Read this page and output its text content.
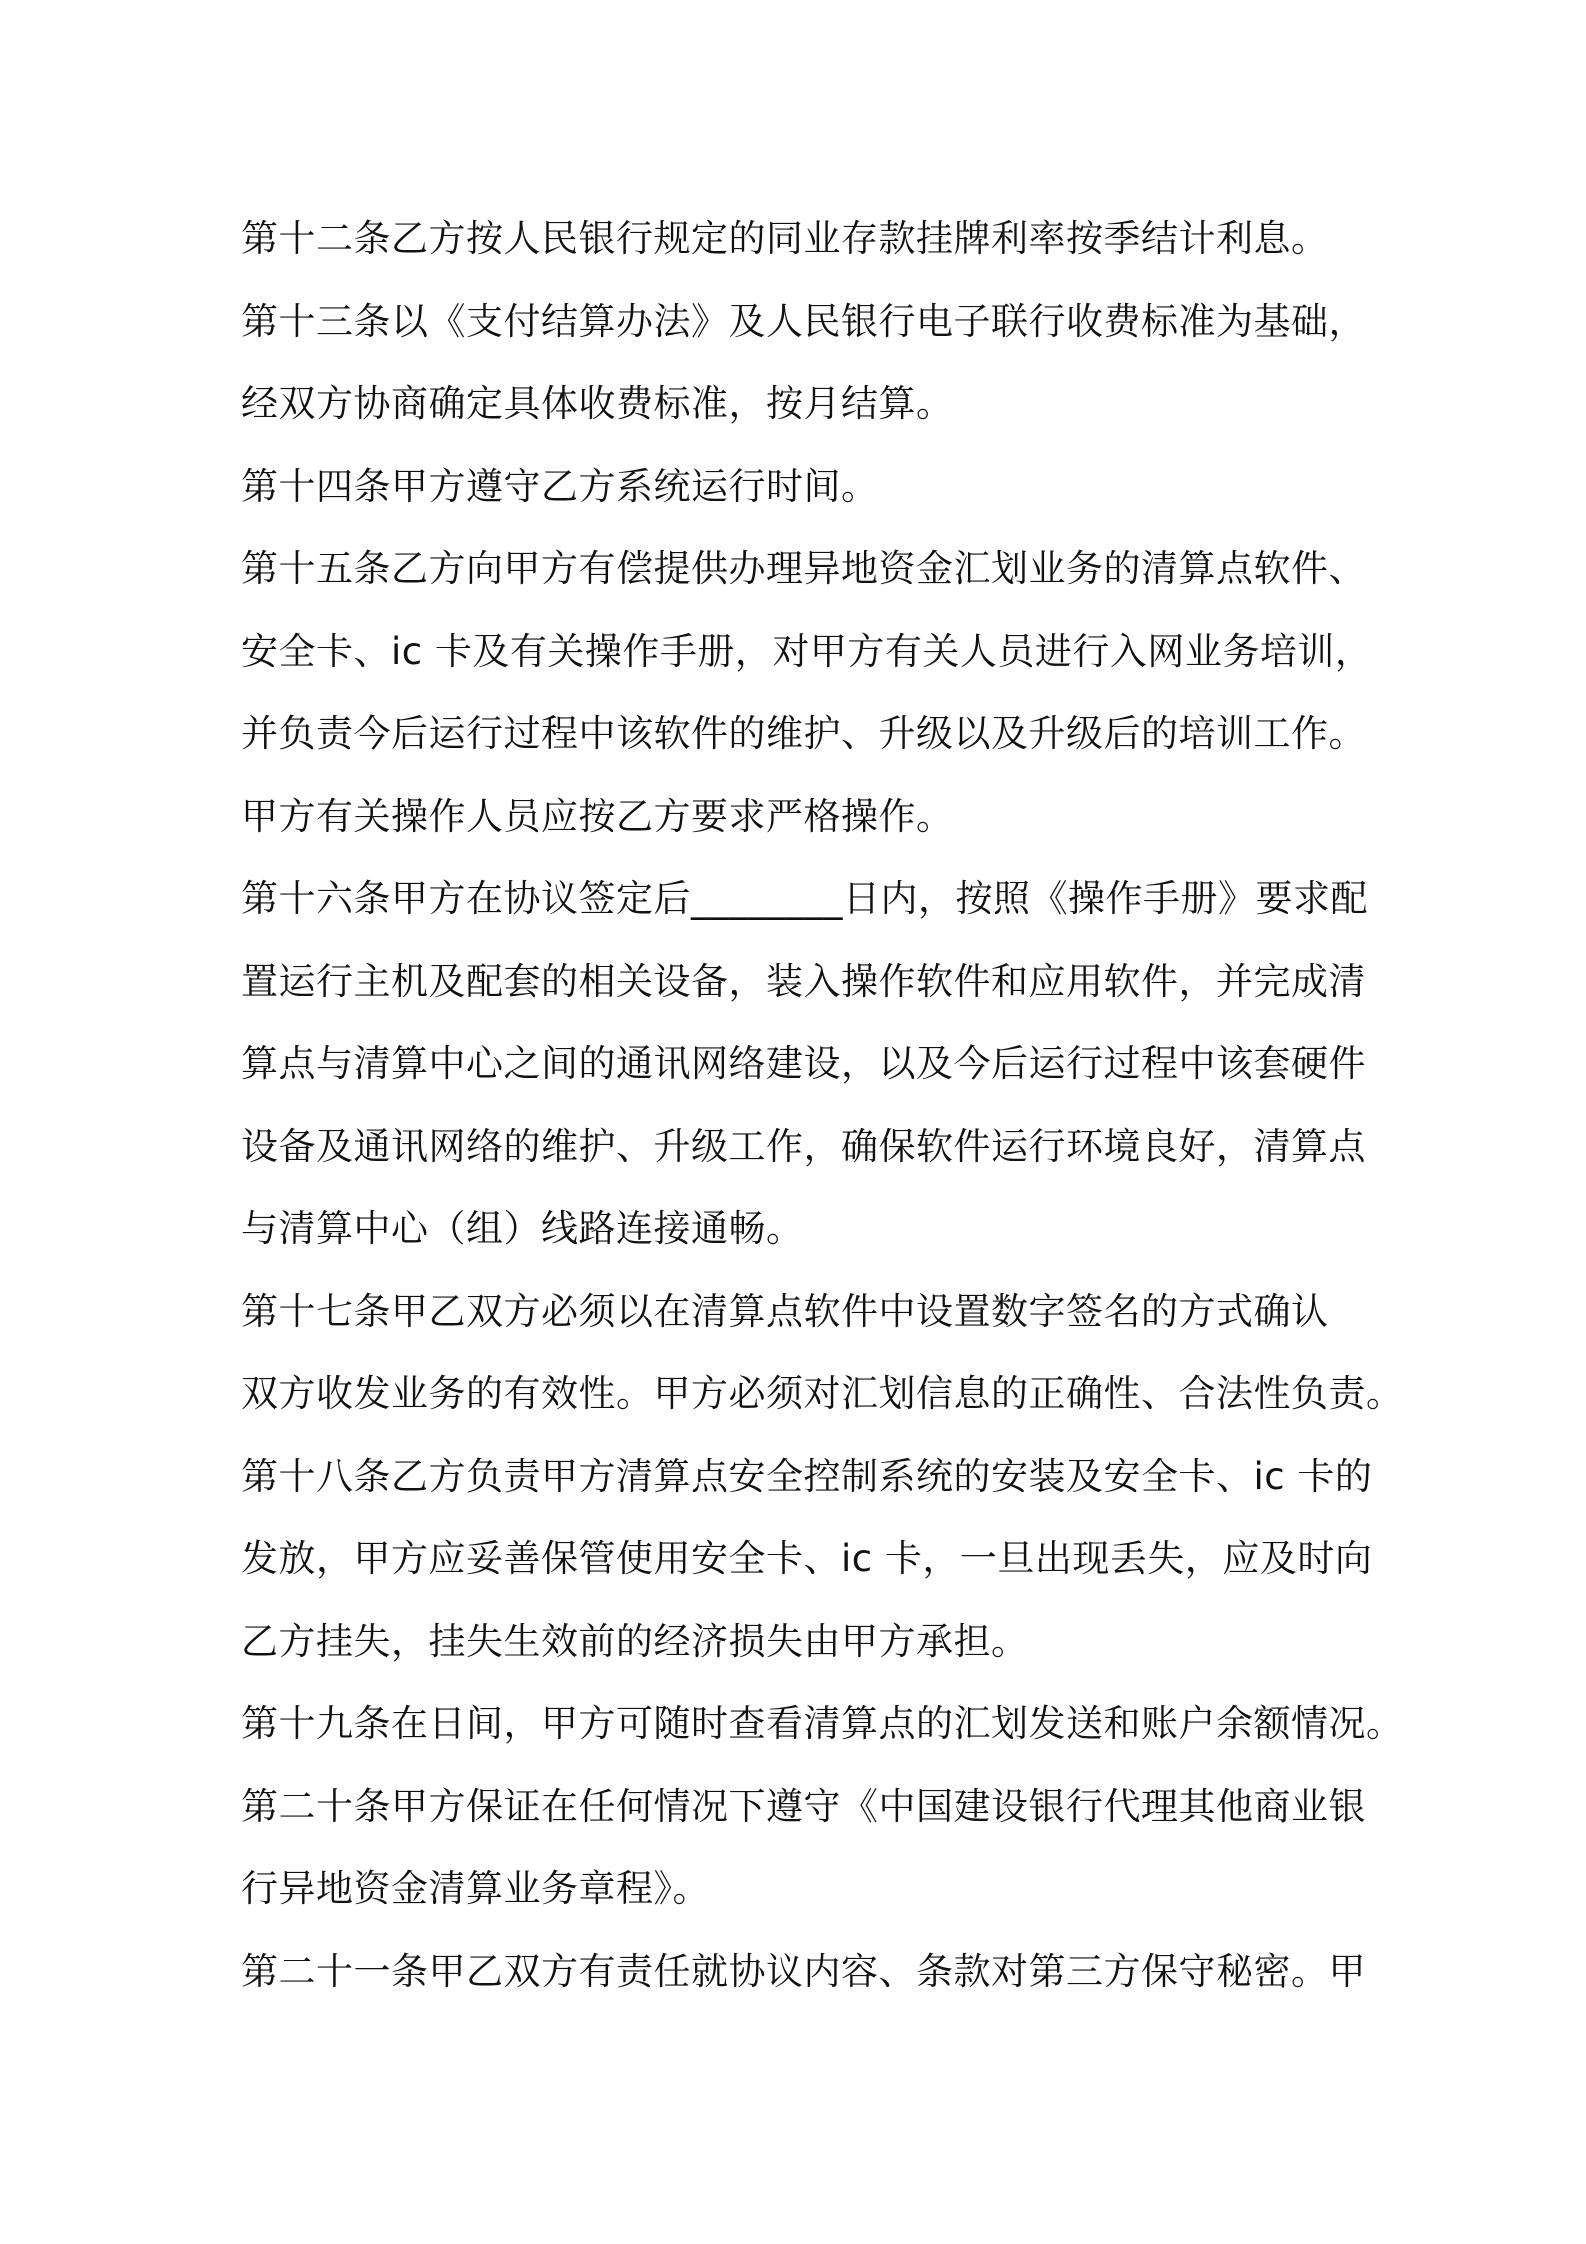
第十二条乙方按人民银行规定的同业存款挂牌利率按季结计利息。
第十三条以《支付结算办法》及人民银行电子联行收费标准为基础，
经双方协商确定具体收费标准，按月结算。
第十四条甲方遵守乙方系统运行时间。
第十五条乙方向甲方有偿提供办理异地资金汇划业务的清算点软件、
安全卡、ic 卡及有关操作手册，对甲方有关人员进行入网业务培训，
并负责今后运行过程中该软件的维护、升级以及升级后的培训工作。
甲方有关操作人员应按乙方要求严格操作。
第十六条甲方在协议签定后________日内，按照《操作手册》要求配
置运行主机及配套的相关设备，装入操作软件和应用软件，并完成清
算点与清算中心之间的通讯网络建设，以及今后运行过程中该套硬件
设备及通讯网络的维护、升级工作，确保软件运行环境良好，清算点
与清算中心（组）线路连接通畅。
第十七条甲乙双方必须以在清算点软件中设置数字签名的方式确认
双方收发业务的有效性。甲方必须对汇划信息的正确性、合法性负责。
第十八条乙方负责甲方清算点安全控制系统的安装及安全卡、ic 卡的
发放，甲方应妥善保管使用安全卡、ic 卡，一旦出现丢失，应及时向
乙方挂失，挂失生效前的经济损失由甲方承担。
第十九条在日间，甲方可随时查看清算点的汇划发送和账户余额情况。
第二十条甲方保证在任何情况下遵守《中国建设银行代理其他商业银
行异地资金清算业务章程》。
第二十一条甲乙双方有责任就协议内容、条款对第三方保守秘密。甲
